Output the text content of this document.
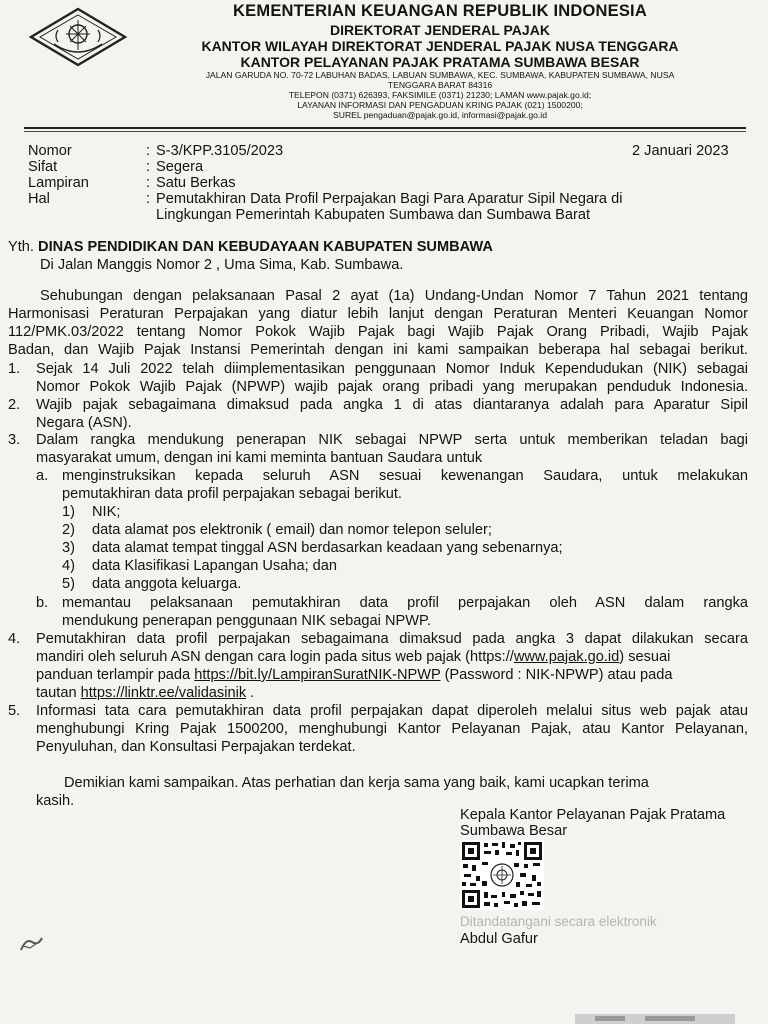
KEMENTERIAN KEUANGAN REPUBLIK INDONESIA
DIREKTORAT JENDERAL PAJAK
KANTOR WILAYAH DIREKTORAT JENDERAL PAJAK NUSA TENGGARA
KANTOR PELAYANAN PAJAK PRATAMA SUMBAWA BESAR
JALAN GARUDA NO. 70-72 LABUHAN BADAS, LABUAN SUMBAWA, KEC. SUMBAWA, KABUPATEN SUMBAWA, NUSA
TENGGARA BARAT 84316
TELEPON (0371) 626393, FAKSIMILE (0371) 21230; LAMAN www.pajak.go.id;
LAYANAN INFORMASI DAN PENGADUAN KRING PAJAK (021) 1500200;
SUREL pengaduan@pajak.go.id, informasi@pajak.go.id
Nomor	: S-3/KPP.3105/2023	2 Januari 2023
Sifat	: Segera
Lampiran	: Satu Berkas
Hal	: Pemutakhiran Data Profil Perpajakan Bagi Para Aparatur Sipil Negara di
Lingkungan Pemerintah Kabupaten Sumbawa dan Sumbawa Barat
Yth. DINAS PENDIDIKAN DAN KEBUDAYAAN KABUPATEN SUMBAWA
Di Jalan Manggis Nomor 2 , Uma Sima, Kab. Sumbawa.
Sehubungan dengan pelaksanaan Pasal 2 ayat (1a) Undang-Undan Nomor 7 Tahun 2021 tentang
Harmonisasi Peraturan Perpajakan yang diatur lebih lanjut dengan Peraturan Menteri Keuangan Nomor
112/PMK.03/2022 tentang Nomor Pokok Wajib Pajak bagi Wajib Pajak Orang Pribadi, Wajib Pajak
Badan, dan Wajib Pajak Instansi Pemerintah dengan ini kami sampaikan beberapa hal sebagai berikut.
1. Sejak 14 Juli 2022 telah diimplementasikan penggunaan Nomor Induk Kependudukan (NIK) sebagai
Nomor Pokok Wajib Pajak (NPWP) wajib pajak orang pribadi yang merupakan penduduk Indonesia.
2. Wajib pajak sebagaimana dimaksud pada angka 1 di atas diantaranya adalah para Aparatur Sipil
Negara (ASN).
3. Dalam rangka mendukung penerapan NIK sebagai NPWP serta untuk memberikan teladan bagi
masyarakat umum, dengan ini kami meminta bantuan Saudara untuk
a. menginstruksikan kepada seluruh ASN sesuai kewenangan Saudara, untuk melakukan
pemutakhiran data profil perpajakan sebagai berikut.
1) NIK;
2) data alamat pos elektronik ( email) dan nomor telepon seluler;
3) data alamat tempat tinggal ASN berdasarkan keadaan yang sebenarnya;
4) data Klasifikasi Lapangan Usaha; dan
5) data anggota keluarga.
b. memantau pelaksanaan pemutakhiran data profil perpajakan oleh ASN dalam rangka
mendukung penerapan penggunaan NIK sebagai NPWP.
4. Pemutakhiran data profil perpajakan sebagaimana dimaksud pada angka 3 dapat dilakukan secara
mandiri oleh seluruh ASN dengan cara login pada situs web pajak (https://www.pajak.go.id) sesuai
panduan terlampir pada https://bit.ly/LampiranSuratNIK-NPWP (Password : NIK-NPWP) atau pada
tautan https://linktr.ee/validasinik .
5. Informasi tata cara pemutakhiran data profil perpajakan dapat diperoleh melalui situs web pajak atau
menghubungi Kring Pajak 1500200, menghubungi Kantor Pelayanan Pajak, atau Kantor Pelayanan,
Penyuluhan, dan Konsultasi Perpajakan terdekat.
Demikian kami sampaikan. Atas perhatian dan kerja sama yang baik, kami ucapkan terima
kasih.
Kepala Kantor Pelayanan Pajak Pratama
Sumbawa Besar
Ditandatangani secara elektronik
Abdul Gafur
